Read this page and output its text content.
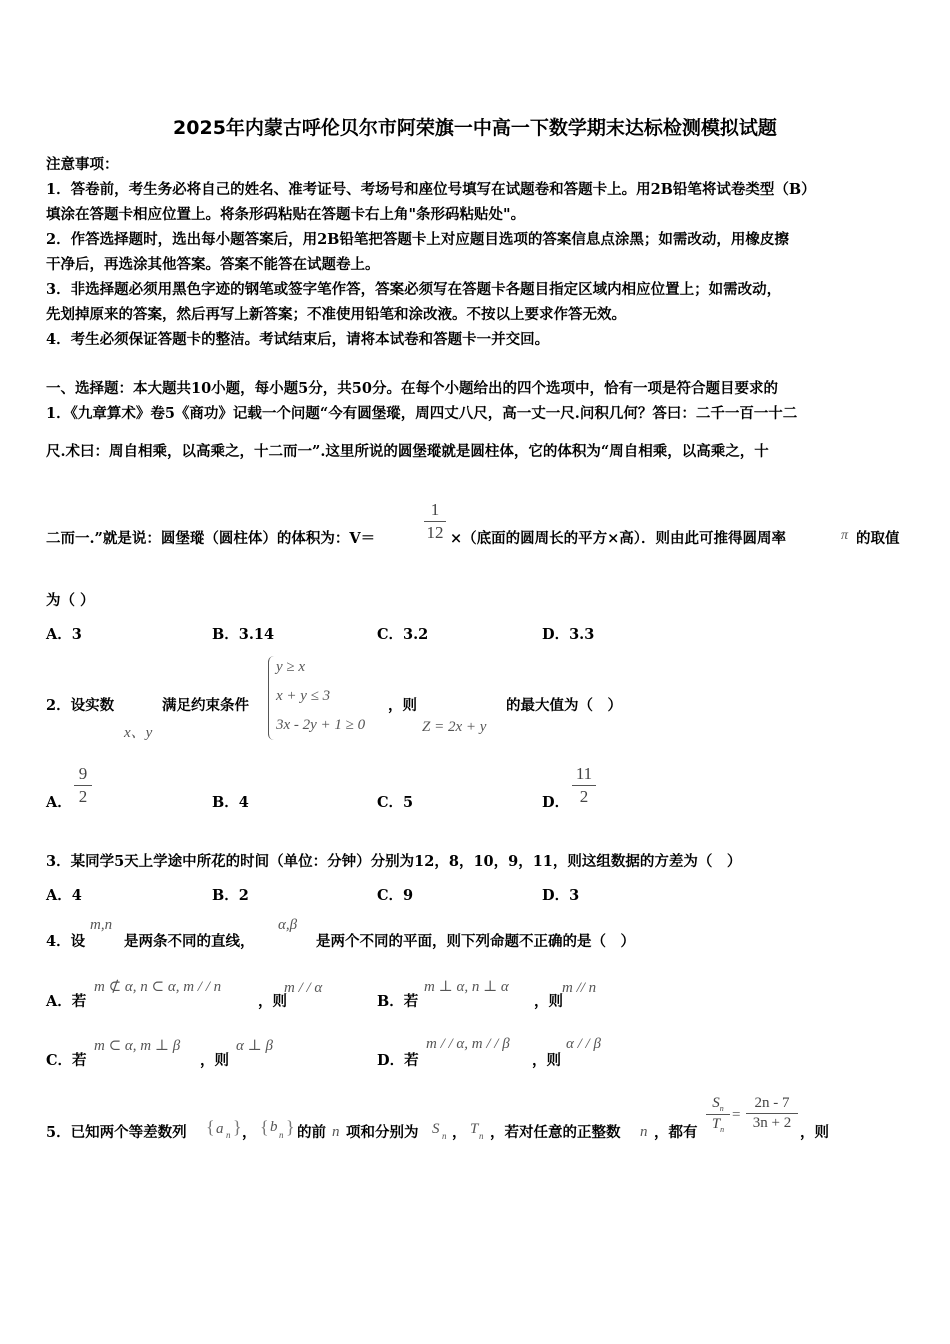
2025年内蒙古呼伦贝尔市阿荣旗一中高一下数学期末达标检测模拟试题
注意事项：
1．答卷前，考生务必将自己的姓名、准考证号、考场号和座位号填写在试题卷和答题卡上。用2B铅笔将试卷类型（B）
填涂在答题卡相应位置上。将条形码粘贴在答题卡右上角"条形码粘贴处"。
2．作答选择题时，选出每小题答案后，用2B铅笔把答题卡上对应题目选项的答案信息点涂黑；如需改动，用橡皮擦
干净后，再选涂其他答案。答案不能答在试题卷上。
3．非选择题必须用黑色字迹的钢笔或签字笔作答，答案必须写在答题卡各题目指定区域内相应位置上；如需改动，
先划掉原来的答案，然后再写上新答案；不准使用铅笔和涂改液。不按以上要求作答无效。
4．考生必须保证答题卡的整洁。考试结束后，请将本试卷和答题卡一并交回。
一、选择题：本大题共10小题，每小题5分，共50分。在每个小题给出的四个选项中，恰有一项是符合题目要求的
1．《九章算术》卷5《商功》记载一个问题“今有圆堡瑽，周四丈八尺，高一丈一尺.问积几何？答曰：二千一百一十二
尺.术曰：周自相乘，以高乘之，十二而一”.这里所说的圆堡瑽就是圆柱体，它的体积为“周自相乘，以高乘之，十
二而一.”就是说：圆堡瑽（圆柱体）的体积为：V＝
1
12 ×（底面的圆周长的平方×高）．则由此可推得圆周率	π 的取值
为（ ）
A．3	B．3.14	C．3.2	D．3.3
2．设实数
x、y
满足约束条件
y ≥ x
x + y ≤ 3
3x - 2y + 1 ≥ 0
，则
Z = 2x + y
的最大值为（　）
A．
9
2	B．4	C．5	D．
11
2
3．某同学5天上学途中所花的时间（单位：分钟）分别为12，8，10，9，11，则这组数据的方差为（　）
A．4	B．2	C．9	D．3
4．设
m,n
是两条不同的直线，
α,β
是两个不同的平面，则下列命题不正确的是（　）
A．若
m ⊄ α, n ⊂ α, m / / n
，则
m / / α
B．若
m ⊥ α, n ⊥ α
，则
m // n
C．若
m ⊂ α, m ⊥ β
，则
α ⊥ β
D．若
m / / α, m / / β
，则
α / / β
5．已知两个等差数列 { a n } ， { b n } 的前 n 项和分别为 S n ， T n ，若对任意的正整数 n ，都有
$S_n$
$T_n$
=
2n - 7
3n + 2
，则
